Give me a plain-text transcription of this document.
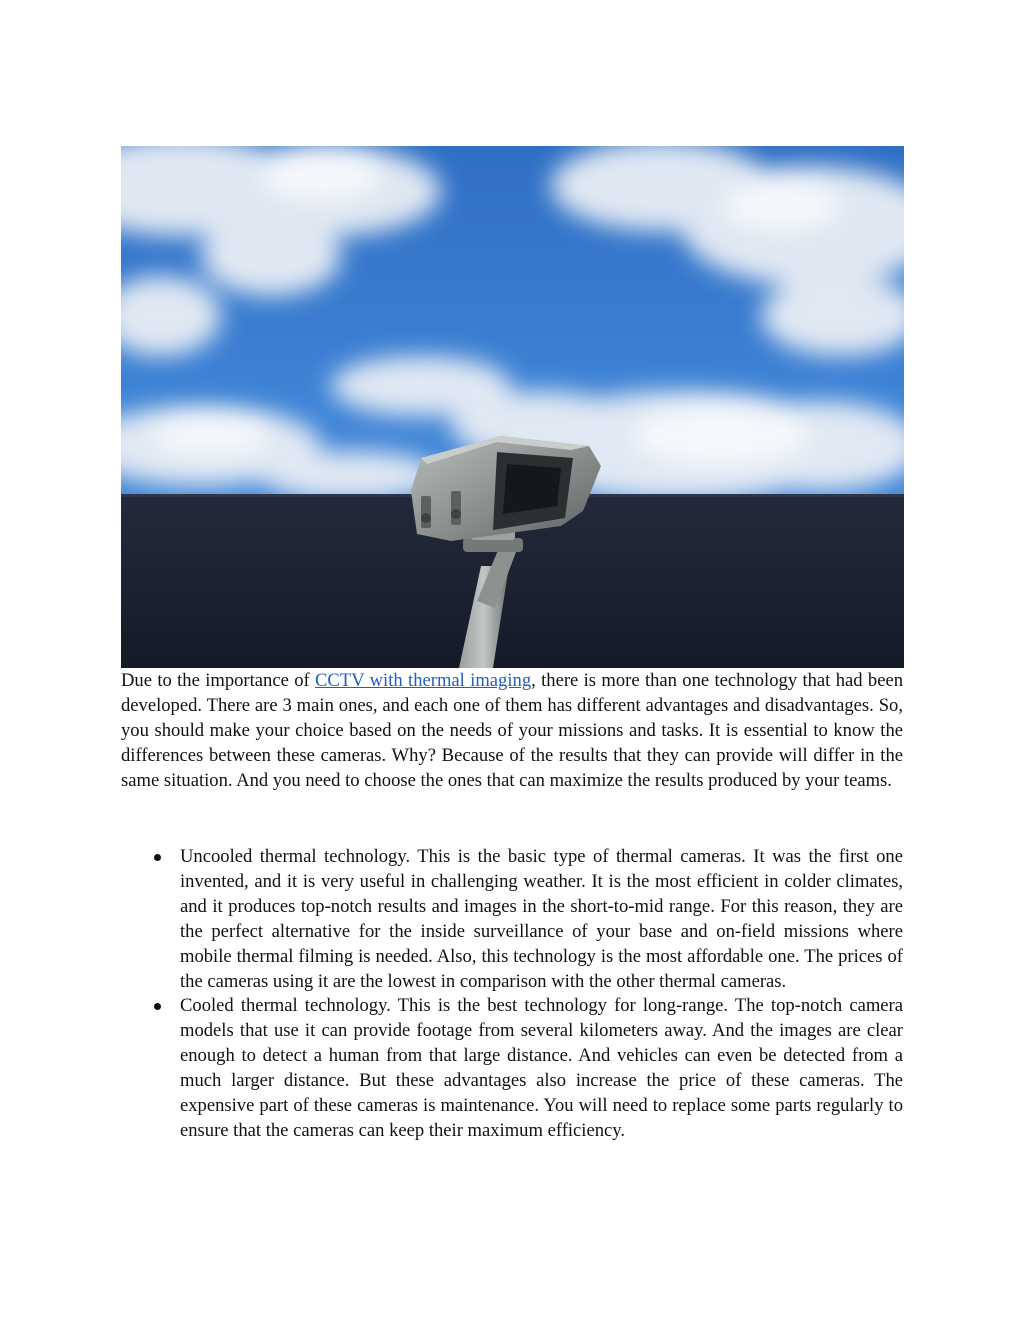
Due to the importance of CCTV with thermal imaging, there is more than one technology that had been developed. There are 3 main ones, and each one of them has different advantages and disadvantages. So, you should make your choice based on the needs of your missions and tasks. It is essential to know the differences between these cameras. Why? Because of the results that they can provide will differ in the same situation. And you need to choose the ones that can maximize the results produced by your teams.

Uncooled thermal technology. This is the basic type of thermal cameras. It was the first one invented, and it is very useful in challenging weather. It is the most efficient in colder climates, and it produces top-notch results and images in the short-to-mid range. For this reason, they are the perfect alternative for the inside surveillance of your base and on-field missions where mobile thermal filming is needed. Also, this technology is the most affordable one. The prices of the cameras using it are the lowest in comparison with the other thermal cameras.
Cooled thermal technology. This is the best technology for long-range. The top-notch camera models that use it can provide footage from several kilometers away. And the images are clear enough to detect a human from that large distance. And vehicles can even be detected from a much larger distance. But these advantages also increase the price of these cameras. The expensive part of these cameras is maintenance. You will need to replace some parts regularly to ensure that the cameras can keep their maximum efficiency.
